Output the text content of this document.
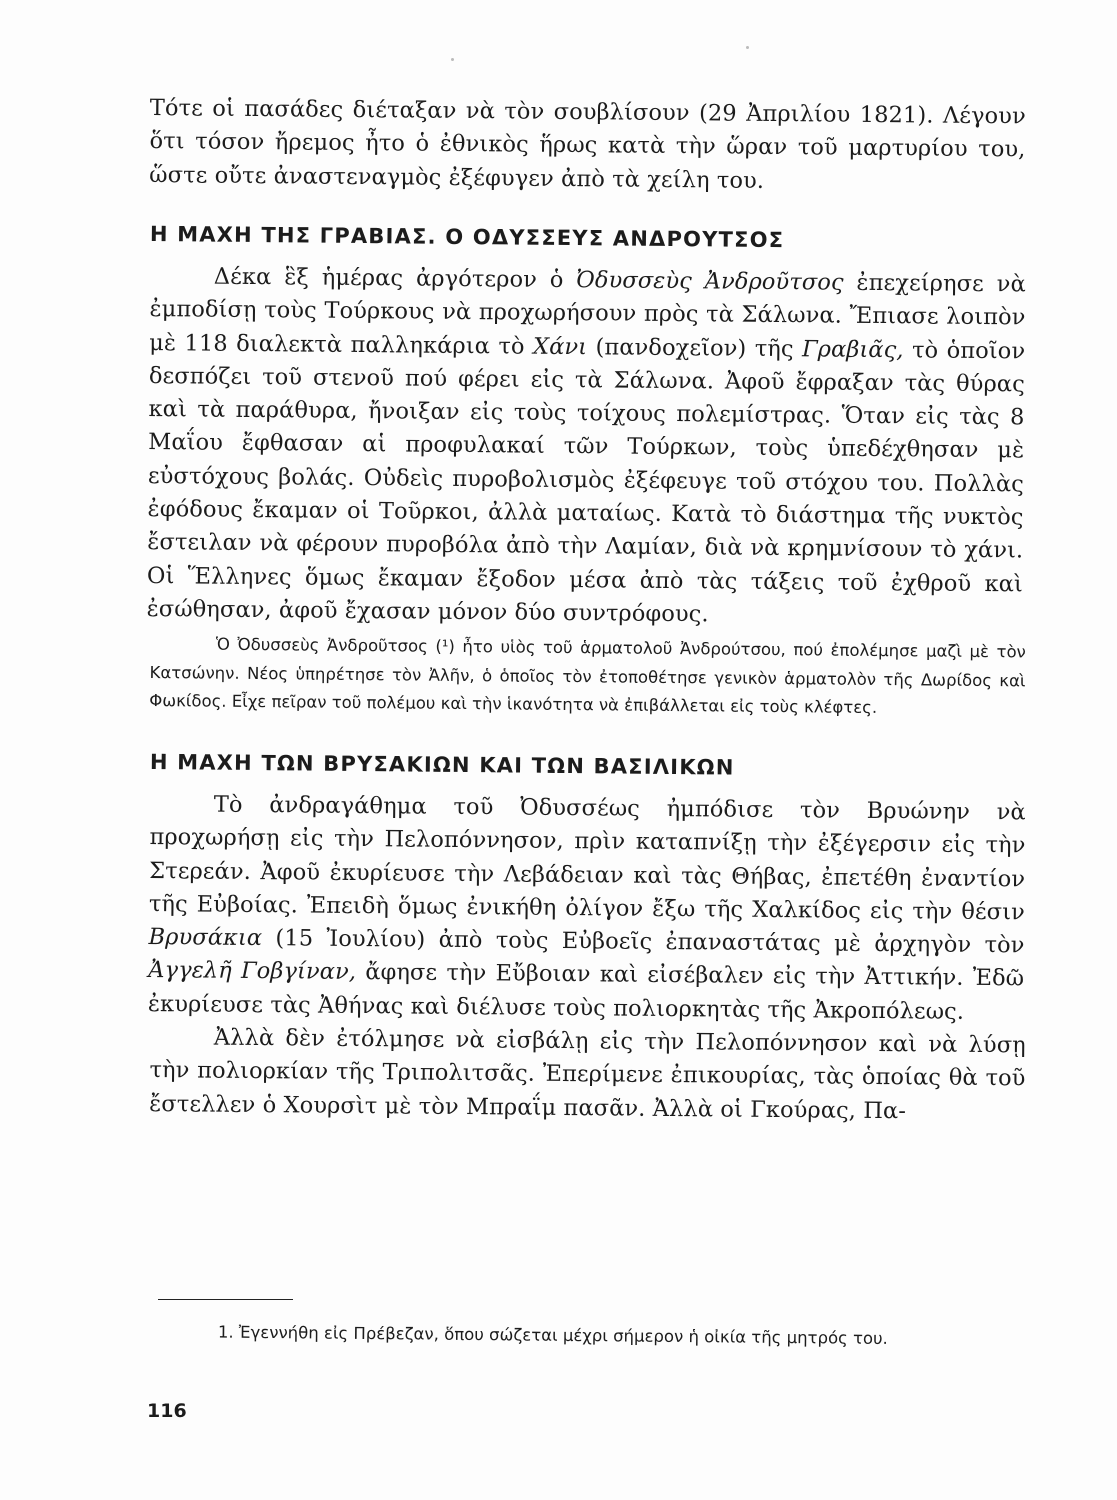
Τότε οἱ πασάδες διέταξαν νὰ τὸν σουβλίσουν (29 Ἀπριλίου 1821). Λέγουν ὅτι τόσον ἤρεμος ἦτο ὁ ἐθνικὸς ἥρως κατὰ τὴν ὥραν τοῦ μαρτυρίου του, ὥστε οὔτε ἀναστεναγμὸς ἐξέφυγεν ἀπὸ τὰ χείλη του.

Η ΜΑΧΗ ΤΗΣ ΓΡΑΒΙΑΣ. Ο ΟΔΥΣΣΕΥΣ ΑΝΔΡΟΥΤΣΟΣ

Δέκα ἓξ ἡμέρας ἀργότερον ὁ Ὀδυσσεὺς Ἀνδροῦτσος ἐπεχείρησε νὰ ἐμποδίσῃ τοὺς Τούρκους νὰ προχωρήσουν πρὸς τὰ Σάλωνα. Ἔπιασε λοιπὸν μὲ 118 διαλεκτὰ παλληκάρια τὸ Χάνι (πανδοχεῖον) τῆς Γραβιᾶς, τὸ ὁποῖον δεσπόζει τοῦ στενοῦ πού φέρει εἰς τὰ Σάλωνα. Ἀφοῦ ἔφραξαν τὰς θύρας καὶ τὰ παράθυρα, ἤνοιξαν εἰς τοὺς τοίχους πολεμίστρας. Ὅταν εἰς τὰς 8 Μαΐου ἔφθασαν αἱ προφυλακαί τῶν Τούρκων, τοὺς ὑπεδέχθησαν μὲ εὐστόχους βολάς. Οὐδεὶς πυροβολισμὸς ἐξέφευγε τοῦ στόχου του. Πολλὰς ἐφόδους ἔκαμαν οἱ Τοῦρκοι, ἀλλὰ ματαίως. Κατὰ τὸ διάστημα τῆς νυκτὸς ἔστειλαν νὰ φέρουν πυροβόλα ἀπὸ τὴν Λαμίαν, διὰ νὰ κρημνίσουν τὸ χάνι. Οἱ Ἕλληνες ὅμως ἔκαμαν ἔξοδον μέσα ἀπὸ τὰς τάξεις τοῦ ἐχθροῦ καὶ ἐσώθησαν, ἀφοῦ ἔχασαν μόνον δύο συντρόφους.

Ὁ Ὀδυσσεὺς Ἀνδροῦτσος (¹) ἦτο υἱὸς τοῦ ἁρματολοῦ Ἀνδρούτσου, πού ἐπολέμησε μαζὶ μὲ τὸν Κατσώνην. Νέος ὑπηρέτησε τὸν Ἀλῆν, ὁ ὁποῖος τὸν ἐτοποθέτησε γενικὸν ἁρματολὸν τῆς Δωρίδος καὶ Φωκίδος. Εἶχε πεῖραν τοῦ πολέμου καὶ τὴν ἱκανότητα νὰ ἐπιβάλλεται εἰς τοὺς κλέφτες.

Η ΜΑΧΗ ΤΩΝ ΒΡΥΣΑΚΙΩΝ ΚΑΙ ΤΩΝ ΒΑΣΙΛΙΚΩΝ

Τὸ ἀνδραγάθημα τοῦ Ὀδυσσέως ἠμπόδισε τὸν Βρυώνην νὰ προχωρήσῃ εἰς τὴν Πελοπόννησον, πρὶν καταπνίξῃ τὴν ἐξέγερσιν εἰς τὴν Στερεάν. Ἀφοῦ ἐκυρίευσε τὴν Λεβάδειαν καὶ τὰς Θήβας, ἐπετέθη ἐναντίον τῆς Εὐβοίας. Ἐπειδὴ ὅμως ἐνικήθη ὀλίγον ἔξω τῆς Χαλκίδος εἰς τὴν θέσιν Βρυσάκια (15 Ἰουλίου) ἀπὸ τοὺς Εὐβοεῖς ἐπαναστάτας μὲ ἀρχηγὸν τὸν Ἀγγελῆ Γοβγίναν, ἄφησε τὴν Εὔβοιαν καὶ εἰσέβαλεν εἰς τὴν Ἀττικήν. Ἐδῶ ἐκυρίευσε τὰς Ἀθήνας καὶ διέλυσε τοὺς πολιορκητὰς τῆς Ἀκροπόλεως.

Ἀλλὰ δὲν ἐτόλμησε νὰ εἰσβάλῃ εἰς τὴν Πελοπόννησον καὶ νὰ λύσῃ τὴν πολιορκίαν τῆς Τριπολιτσᾶς. Ἐπερίμενε ἐπικουρίας, τὰς ὁποίας θὰ τοῦ ἔστελλεν ὁ Χουρσὶτ μὲ τὸν Μπραΐμ πασᾶν. Ἀλλὰ οἱ Γκούρας, Πα-

1. Ἐγεννήθη εἰς Πρέβεζαν, ὅπου σώζεται μέχρι σήμερον ἡ οἰκία τῆς μητρός του.

116
